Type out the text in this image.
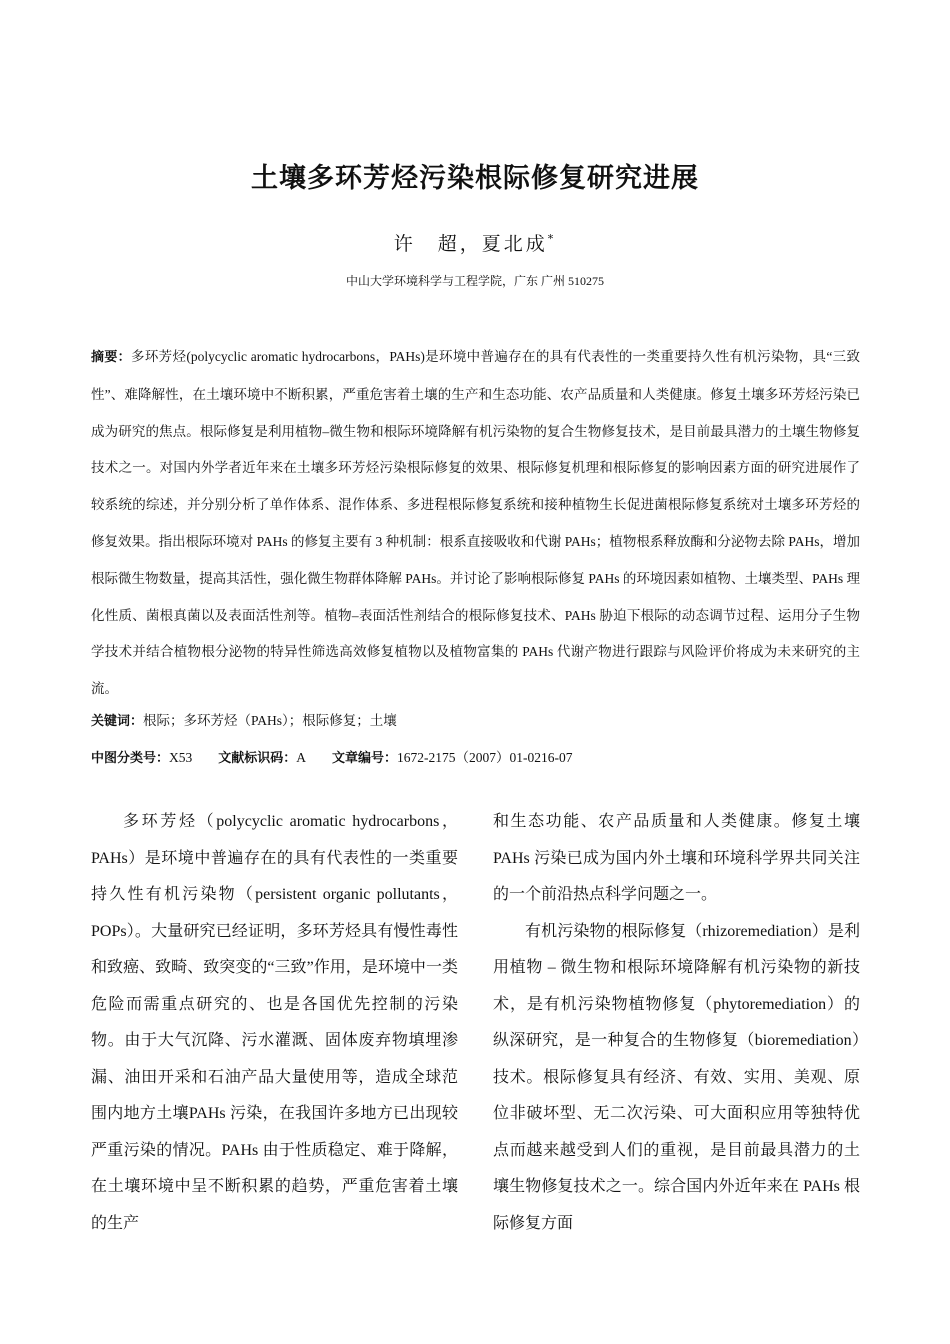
土壤多环芳烃污染根际修复研究进展
许　超，夏北成*
中山大学环境科学与工程学院，广东 广州 510275

摘要：多环芳烃(polycyclic aromatic hydrocarbons，PAHs)是环境中普遍存在的具有代表性的一类重要持久性有机污染物，具“三致性”、难降解性，在土壤环境中不断积累，严重危害着土壤的生产和生态功能、农产品质量和人类健康。修复土壤多环芳烃污染已成为研究的焦点。根际修复是利用植物–微生物和根际环境降解有机污染物的复合生物修复技术，是目前最具潜力的土壤生物修复技术之一。对国内外学者近年来在土壤多环芳烃污染根际修复的效果、根际修复机理和根际修复的影响因素方面的研究进展作了较系统的综述，并分别分析了单作体系、混作体系、多进程根际修复系统和接种植物生长促进菌根际修复系统对土壤多环芳烃的修复效果。指出根际环境对 PAHs 的修复主要有 3 种机制：根系直接吸收和代谢 PAHs；植物根系释放酶和分泌物去除 PAHs，增加根际微生物数量，提高其活性，强化微生物群体降解 PAHs。并讨论了影响根际修复 PAHs 的环境因素如植物、土壤类型、PAHs 理化性质、菌根真菌以及表面活性剂等。植物–表面活性剂结合的根际修复技术、PAHs 胁迫下根际的动态调节过程、运用分子生物学技术并结合植物根分泌物的特异性筛选高效修复植物以及植物富集的 PAHs 代谢产物进行跟踪与风险评价将成为未来研究的主流。

关键词：根际；多环芳烃（PAHs）；根际修复；土壤
中图分类号：X53 文献标识码：A 文章编号：1672-2175（2007）01-0216-07

多环芳烃（polycyclic aromatic hydrocarbons，PAHs）是环境中普遍存在的具有代表性的一类重要持久性有机污染物（persistent organic pollutants，POPs）。大量研究已经证明，多环芳烃具有慢性毒性和致癌、致畸、致突变的“三致”作用，是环境中一类危险而需重点研究的、也是各国优先控制的污染物。由于大气沉降、污水灌溉、固体废弃物填埋渗漏、油田开采和石油产品大量使用等，造成全球范围内地方土壤PAHs 污染，在我国许多地方已出现较严重污染的情况。PAHs 由于性质稳定、难于降解，在土壤环境中呈不断积累的趋势，严重危害着土壤的生产

和生态功能、农产品质量和人类健康。修复土壤PAHs 污染已成为国内外土壤和环境科学界共同关注的一个前沿热点科学问题之一。

有机污染物的根际修复（rhizoremediation）是利用植物 – 微生物和根际环境降解有机污染物的新技术，是有机污染物植物修复（phytoremediation）的纵深研究，是一种复合的生物修复（bioremediation）技术。根际修复具有经济、有效、实用、美观、原位非破坏型、无二次污染、可大面积应用等独特优点而越来越受到人们的重视，是目前最具潜力的土壤生物修复技术之一。综合国内外近年来在 PAHs 根际修复方面
